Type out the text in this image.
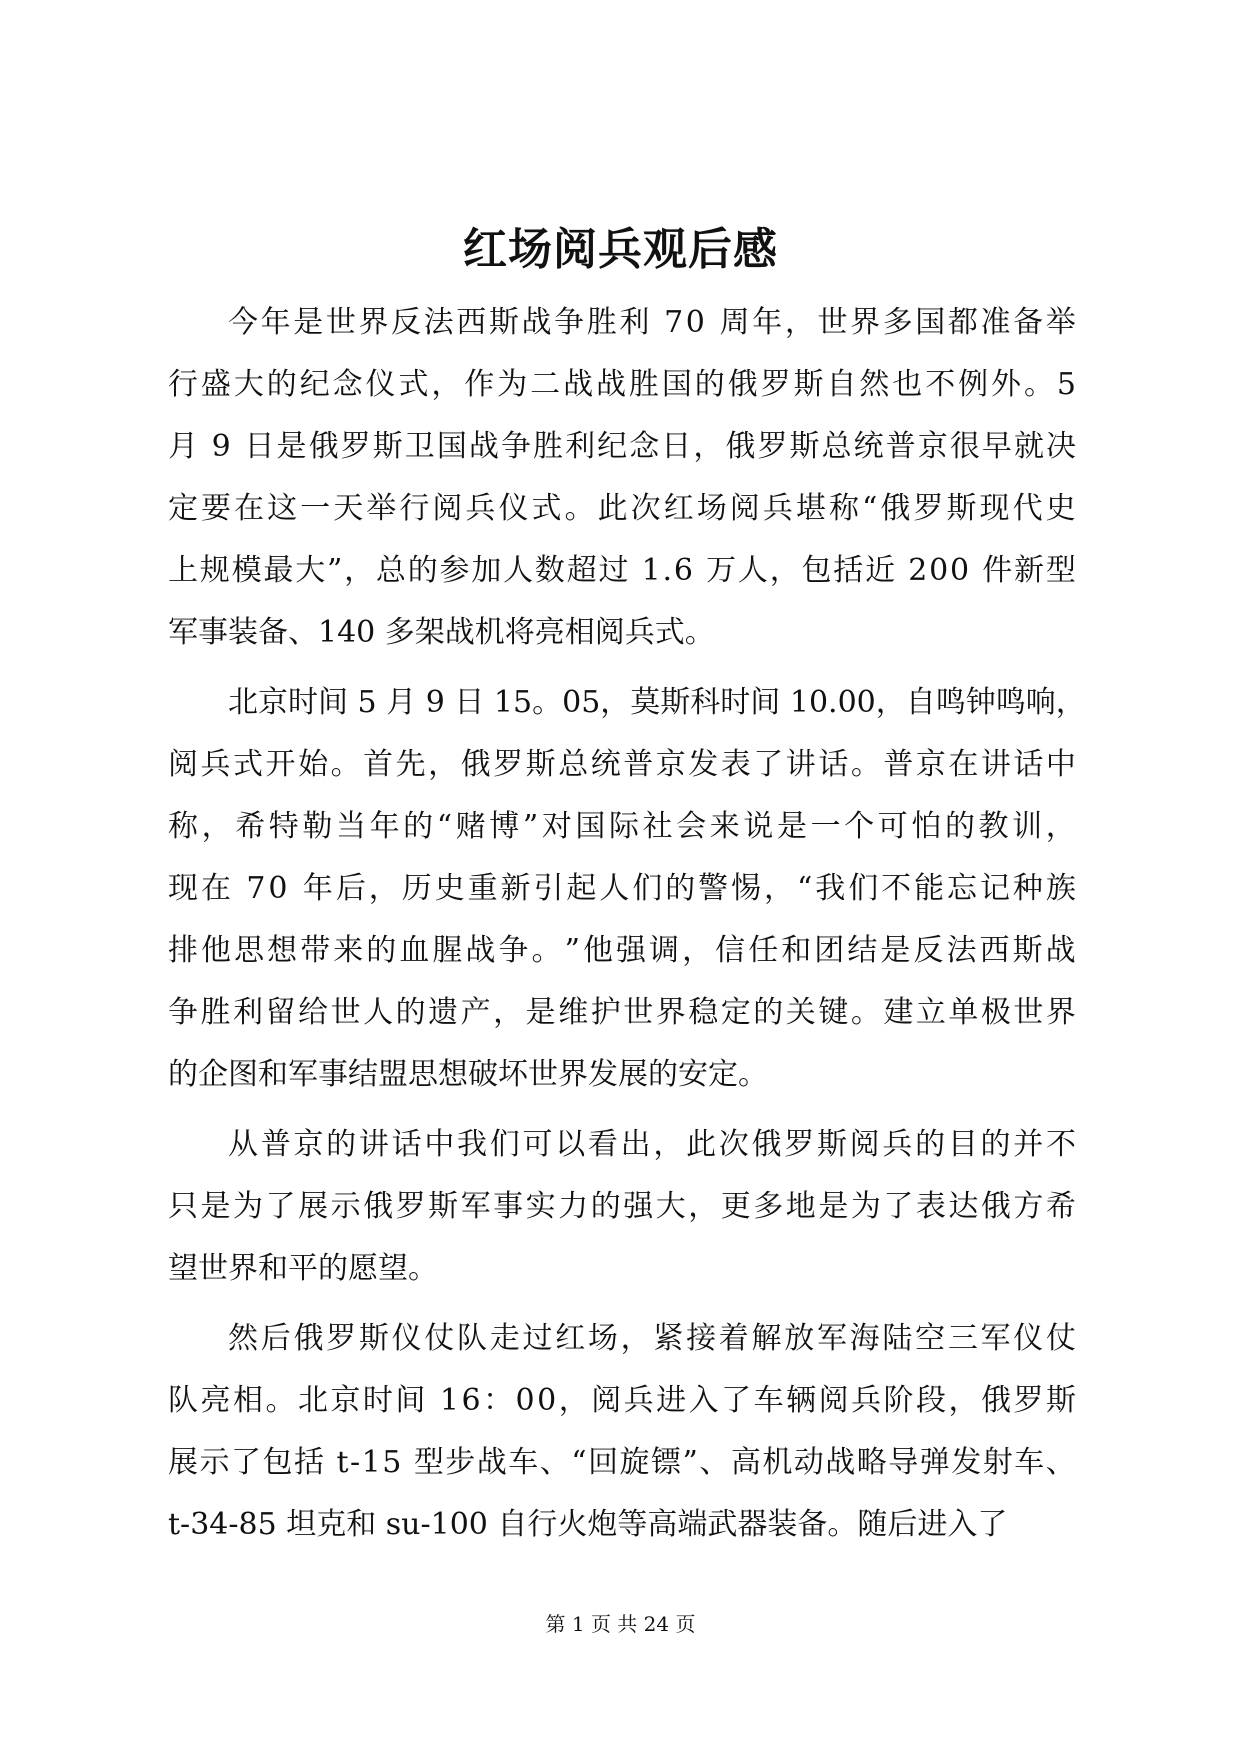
红场阅兵观后感
今 年 是 世 界 反 法 西 斯 战 争 胜 利
7 0
周 年 ， 世 界 多 国 都 准 备 举
行 盛 大 的 纪 念 仪 式 ， 作 为 二 战 战 胜 国 的 俄 罗 斯 自 然 也 不 例 外 。 5
月
9
日 是 俄 罗 斯 卫 国 战 争 胜 利 纪 念 日 ， 俄 罗 斯 总 统 普 京 很 早 就 决
定 要 在 这 一 天 举 行 阅 兵 仪 式 。 此 次 红 场 阅 兵 堪 称 “ 俄 罗 斯 现 代 史
上 规 模 最 大 ” ， 总 的 参 加 人 数 超 过
1 . 6
万 人 ， 包 括 近
2 0 0
件 新 型
军事装备、140 多架战机将亮相阅兵式。
北 京 时 间
5
月
9
日
1 5 。 0 5 ， 莫 斯 科 时 间
1 0 . 0 0 ， 自 鸣 钟 鸣 响 ，
阅 兵 式 开 始 。 首 先 ， 俄 罗 斯 总 统 普 京 发 表 了 讲 话 。 普 京 在 讲 话 中
称 ， 希 特 勒 当 年 的 “ 赌 博 ” 对 国 际 社 会 来 说 是 一 个 可 怕 的 教 训 ，
现 在
7 0
年 后 ， 历 史 重 新 引 起 人 们 的 警 惕 ， “ 我 们 不 能 忘 记 种 族
排 他 思 想 带 来 的 血 腥 战 争 。 ” 他 强 调 ， 信 任 和 团 结 是 反 法 西 斯 战
争 胜 利 留 给 世 人 的 遗 产 ， 是 维 护 世 界 稳 定 的 关 键 。 建 立 单 极 世 界
的企图和军事结盟思想破坏世界发展的安定。
从 普 京 的 讲 话 中 我 们 可 以 看 出 ， 此 次 俄 罗 斯 阅 兵 的 目 的 并 不
只 是 为 了 展 示 俄 罗 斯 军 事 实 力 的 强 大 ， 更 多 地 是 为 了 表 达 俄 方 希
望世界和平的愿望。
然 后 俄 罗 斯 仪 仗 队 走 过 红 场 ， 紧 接 着 解 放 军 海 陆 空 三 军 仪 仗
队 亮 相 。 北 京 时 间
1 6 ： 0 0 ， 阅 兵 进 入 了 车 辆 阅 兵 阶 段 ， 俄 罗 斯
展 示 了 包 括
t - 1 5
型 步 战 车 、 “ 回 旋 镖 ” 、 高 机 动 战 略 导 弹 发 射 车 、
t-34-85 坦克和 su-100 自行火炮等高端武器装备。随后进入了
第 1 页 共 24 页
